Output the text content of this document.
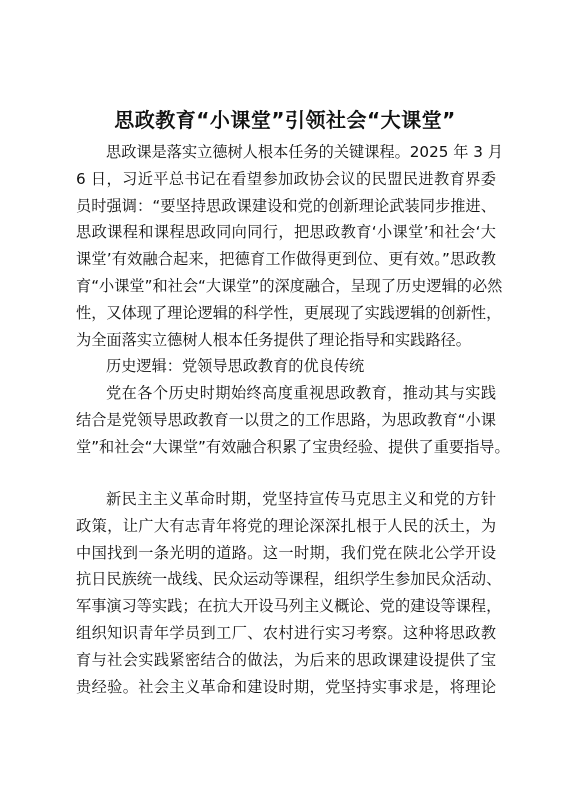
思政教育“小课堂”引领社会“大课堂”
思政课是落实立德树人根本任务的关键课程。2025 年 3 月
6 日，习近平总书记在看望参加政协会议的民盟民进教育界委
员时强调：“要坚持思政课建设和党的创新理论武装同步推进、
思政课程和课程思政同向同行，把思政教育‘小课堂’和社会‘大
课堂’有效融合起来，把德育工作做得更到位、更有效。”思政教
育“小课堂”和社会“大课堂”的深度融合，呈现了历史逻辑的必然
性，又体现了理论逻辑的科学性，更展现了实践逻辑的创新性，
为全面落实立德树人根本任务提供了理论指导和实践路径。
历史逻辑：党领导思政教育的优良传统
党在各个历史时期始终高度重视思政教育，推动其与实践
结合是党领导思政教育一以贯之的工作思路，为思政教育“小课
堂”和社会“大课堂”有效融合积累了宝贵经验、提供了重要指导。
新民主主义革命时期，党坚持宣传马克思主义和党的方针
政策，让广大有志青年将党的理论深深扎根于人民的沃土，为
中国找到一条光明的道路。这一时期，我们党在陕北公学开设
抗日民族统一战线、民众运动等课程，组织学生参加民众活动、
军事演习等实践；在抗大开设马列主义概论、党的建设等课程，
组织知识青年学员到工厂、农村进行实习考察。这种将思政教
育与社会实践紧密结合的做法，为后来的思政课建设提供了宝
贵经验。社会主义革命和建设时期，党坚持实事求是，将理论
